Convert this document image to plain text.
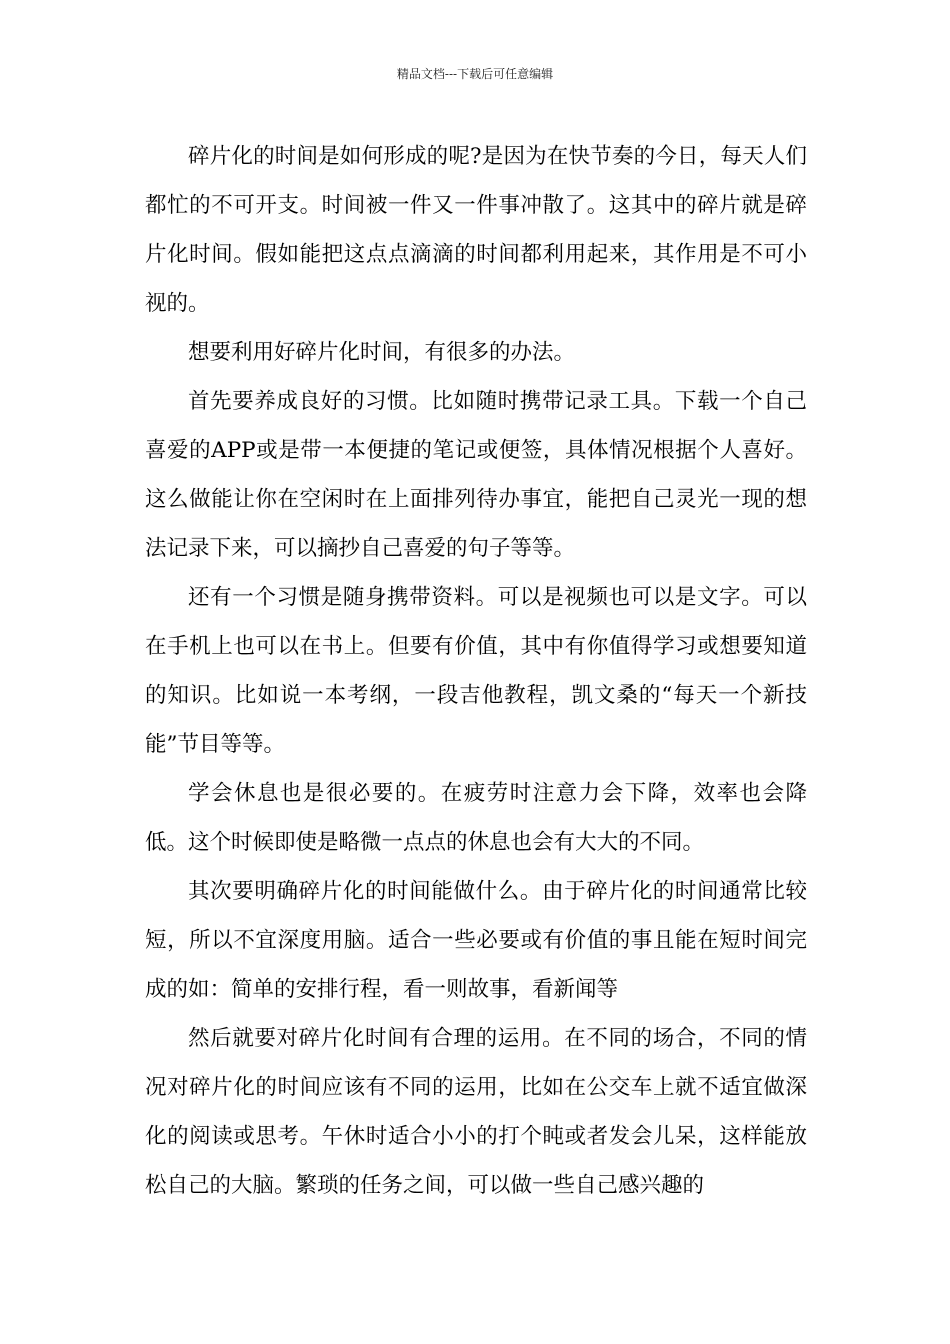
精品文档---下载后可任意编辑

碎片化的时间是如何形成的呢?是因为在快节奏的今日，每天人们都忙的不可开支。时间被一件又一件事冲散了。这其中的碎片就是碎片化时间。假如能把这点点滴滴的时间都利用起来，其作用是不可小视的。

想要利用好碎片化时间，有很多的办法。

首先要养成良好的习惯。比如随时携带记录工具。下载一个自己喜爱的APP或是带一本便捷的笔记或便签，具体情况根据个人喜好。这么做能让你在空闲时在上面排列待办事宜，能把自己灵光一现的想法记录下来，可以摘抄自己喜爱的句子等等。

还有一个习惯是随身携带资料。可以是视频也可以是文字。可以在手机上也可以在书上。但要有价值，其中有你值得学习或想要知道的知识。比如说一本考纲，一段吉他教程，凯文桑的“每天一个新技能”节目等等。

学会休息也是很必要的。在疲劳时注意力会下降，效率也会降低。这个时候即使是略微一点点的休息也会有大大的不同。

其次要明确碎片化的时间能做什么。由于碎片化的时间通常比较短，所以不宜深度用脑。适合一些必要或有价值的事且能在短时间完成的如：简单的安排行程，看一则故事，看新闻等

然后就要对碎片化时间有合理的运用。在不同的场合，不同的情况对碎片化的时间应该有不同的运用，比如在公交车上就不适宜做深化的阅读或思考。午休时适合小小的打个盹或者发会儿呆，这样能放松自己的大脑。繁琐的任务之间，可以做一些自己感兴趣的
